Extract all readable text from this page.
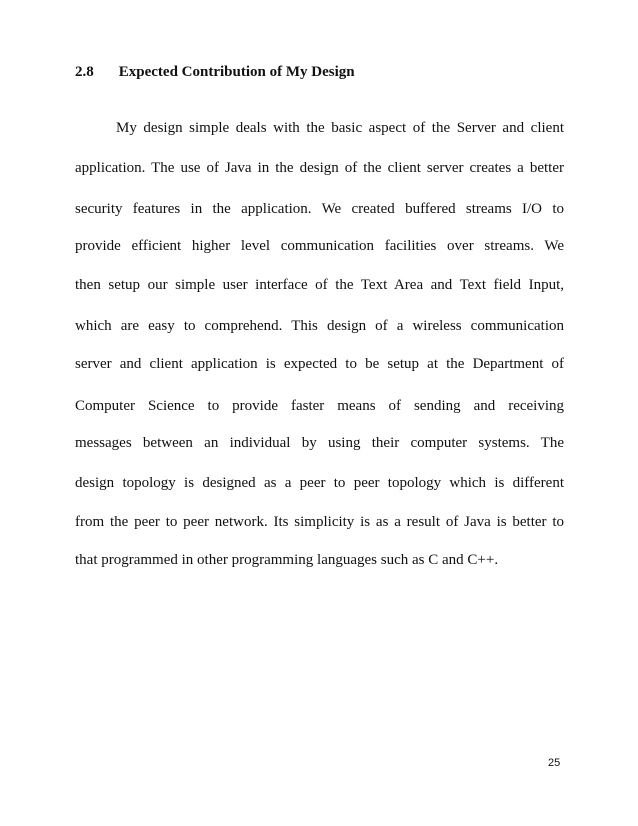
2.8 Expected Contribution of My Design
My design simple deals with the basic aspect of the Server and client
application. The use of Java in the design of the client server creates a better
security features in the application. We created buffered streams I/O to
provide efficient higher level communication facilities over streams. We
then setup our simple user interface of the Text Area and Text field Input,
which are easy to comprehend. This design of a wireless communication
server and client application is expected to be setup at the Department of
Computer Science to provide faster means of sending and receiving
messages between an individual by using their computer systems. The
design topology is designed as a peer to peer topology which is different
from the peer to peer network. Its simplicity is as a result of Java is better to
that programmed in other programming languages such as C and C++.
25
